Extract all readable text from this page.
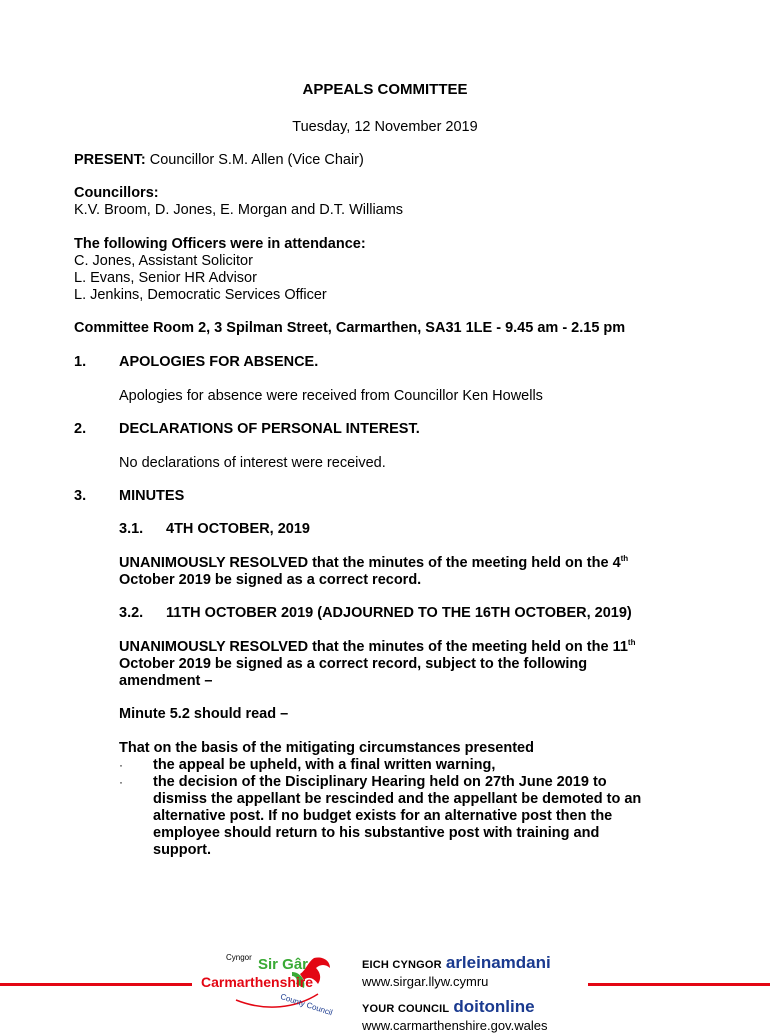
APPEALS COMMITTEE
Tuesday, 12 November 2019
PRESENT: Councillor S.M. Allen (Vice Chair)
Councillors:
K.V. Broom, D. Jones, E. Morgan and D.T. Williams
The following Officers were in attendance:
C. Jones, Assistant Solicitor
L. Evans, Senior HR Advisor
L. Jenkins, Democratic Services Officer
Committee Room 2, 3 Spilman Street, Carmarthen, SA31 1LE - 9.45 am - 2.15 pm
1. APOLOGIES FOR ABSENCE.
Apologies for absence were received from Councillor Ken Howells
2. DECLARATIONS OF PERSONAL INTEREST.
No declarations of interest were received.
3. MINUTES
3.1. 4TH OCTOBER, 2019
UNANIMOUSLY RESOLVED that the minutes of the meeting held on the 4th
October 2019 be signed as a correct record.
3.2. 11TH OCTOBER 2019 (ADJOURNED TO THE 16TH OCTOBER, 2019)
UNANIMOUSLY RESOLVED that the minutes of the meeting held on the 11th
October 2019 be signed as a correct record, subject to the following
amendment –
Minute 5.2 should read –
That on the basis of the mitigating circumstances presented
· the appeal be upheld, with a final written warning,
· the decision of the Disciplinary Hearing held on 27th June 2019 to
dismiss the appellant be rescinded and the appellant be demoted to an
alternative post. If no budget exists for an alternative post then the
employee should return to his substantive post with training and
support.
Cyngor Sir Gâr
Carmarthenshire
County Council
EICH CYNGOR arleinamdani
www.sirgar.llyw.cymru
YOUR COUNCIL doitonline
www.carmarthenshire.gov.wales
